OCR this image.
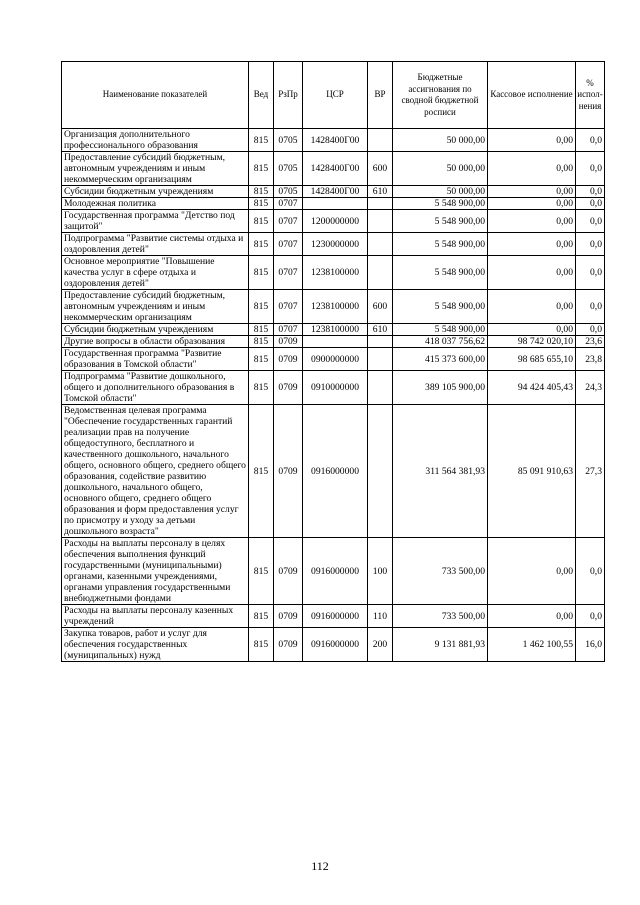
Наименование показателей	Вед	РзПр	ЦСР	ВР	Бюджетные ассигнования по сводной бюджетной росписи	Кассовое исполнение	% испол-нения
Организация дополнительного профессионального образования	815	0705	1428400Г00		50 000,00	0,00	0,0
Предоставление субсидий бюджетным, автономным учреждениям и иным некоммерческим организациям	815	0705	1428400Г00	600	50 000,00	0,00	0,0
Субсидии бюджетным учреждениям	815	0705	1428400Г00	610	50 000,00	0,00	0,0
Молодежная политика	815	0707			5 548 900,00	0,00	0,0
Государственная программа "Детство под защитой"	815	0707	1200000000		5 548 900,00	0,00	0,0
Подпрограмма "Развитие системы отдыха и оздоровления детей"	815	0707	1230000000		5 548 900,00	0,00	0,0
Основное мероприятие "Повышение качества услуг в сфере отдыха и оздоровления детей"	815	0707	1238100000		5 548 900,00	0,00	0,0
Предоставление субсидий бюджетным, автономным учреждениям и иным некоммерческим организациям	815	0707	1238100000	600	5 548 900,00	0,00	0,0
Субсидии бюджетным учреждениям	815	0707	1238100000	610	5 548 900,00	0,00	0,0
Другие вопросы в области образования	815	0709			418 037 756,62	98 742 020,10	23,6
Государственная программа "Развитие образования в Томской области"	815	0709	0900000000		415 373 600,00	98 685 655,10	23,8
Подпрограмма "Развитие дошкольного, общего и дополнительного образования в Томской области"	815	0709	0910000000		389 105 900,00	94 424 405,43	24,3
Ведомственная целевая программа "Обеспечение государственных гарантий реализации прав на получение общедоступного, бесплатного и качественного дошкольного, начального общего, основного общего, среднего общего образования, содействие развитию дошкольного, начального общего, основного общего, среднего общего образования и форм предоставления услуг по присмотру и уходу за детьми дошкольного возраста"	815	0709	0916000000		311 564 381,93	85 091 910,63	27,3
Расходы на выплаты персоналу в целях обеспечения выполнения функций государственными (муниципальными) органами, казенными учреждениями, органами управления государственными внебюджетными фондами	815	0709	0916000000	100	733 500,00	0,00	0,0
Расходы на выплаты персоналу казенных учреждений	815	0709	0916000000	110	733 500,00	0,00	0,0
Закупка товаров, работ и услуг для обеспечения государственных (муниципальных) нужд	815	0709	0916000000	200	9 131 881,93	1 462 100,55	16,0
112
